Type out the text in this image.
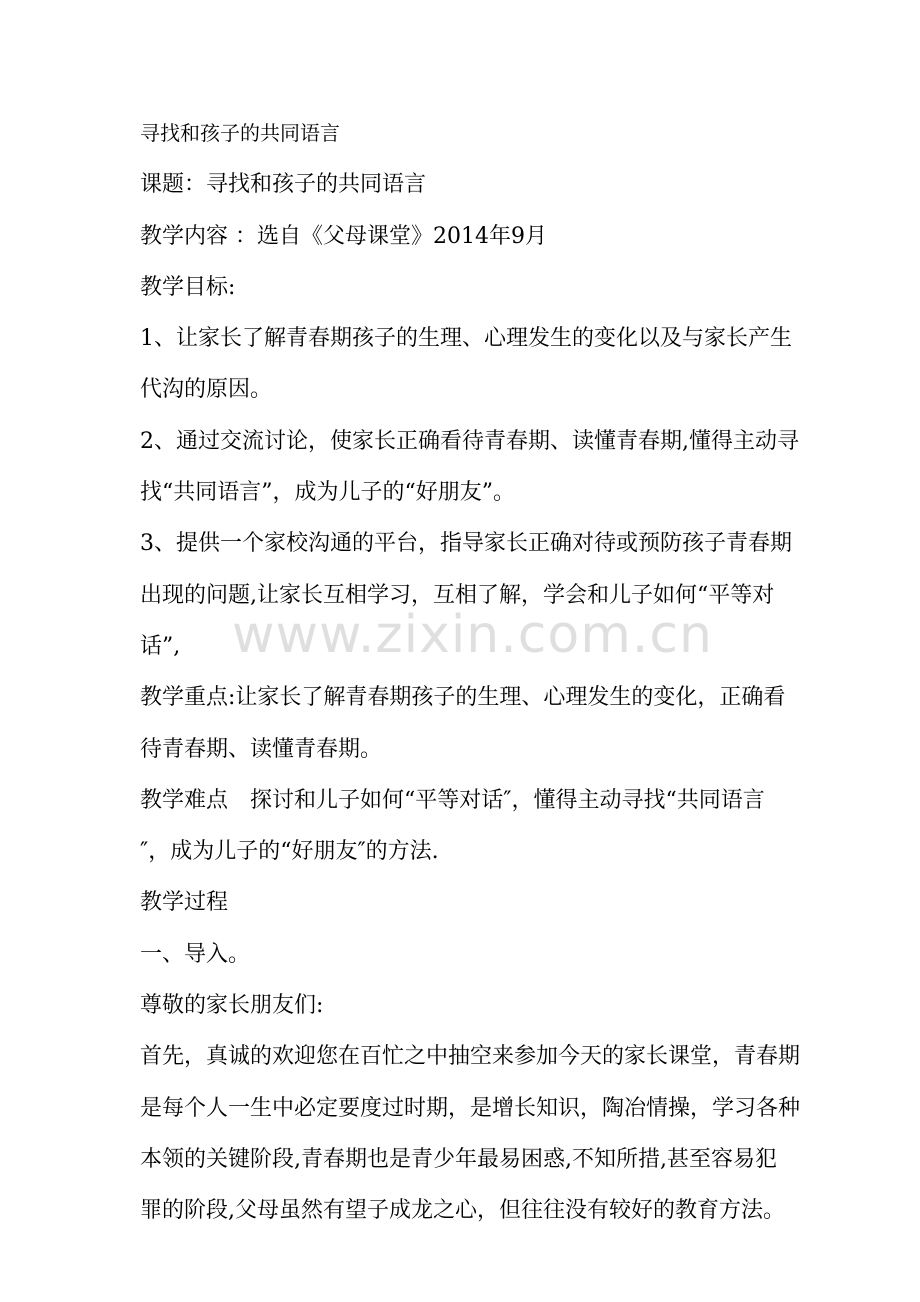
寻找和孩子的共同语言

课题：寻找和孩子的共同语言

教学内容 ：选自《父母课堂》2014年9月

教学目标:

1、让家长了解青春期孩子的生理、心理发生的变化以及与家长产生

代沟的原因。

2、通过交流讨论，使家长正确看待青春期、读懂青春期,懂得主动寻

找“共同语言”，成为儿子的“好朋友”。

3、提供一个家校沟通的平台，指导家长正确对待或预防孩子青春期

出现的问题,让家长互相学习，互相了解，学会和儿子如何“平等对

话”,

教学重点:让家长了解青春期孩子的生理、心理发生的变化，正确看

待青春期、读懂青春期。

教学难点　探讨和儿子如何“平等对话″，懂得主动寻找“共同语言

″，成为儿子的“好朋友″的方法.

教学过程

一、导入。

尊敬的家长朋友们:

首先，真诚的欢迎您在百忙之中抽空来参加今天的家长课堂，青春期

是每个人一生中必定要度过时期，是增长知识，陶冶情操，学习各种

本领的关键阶段,青春期也是青少年最易困惑,不知所措,甚至容易犯

罪的阶段,父母虽然有望子成龙之心，但往往没有较好的教育方法。

www.zixin.com.cn
